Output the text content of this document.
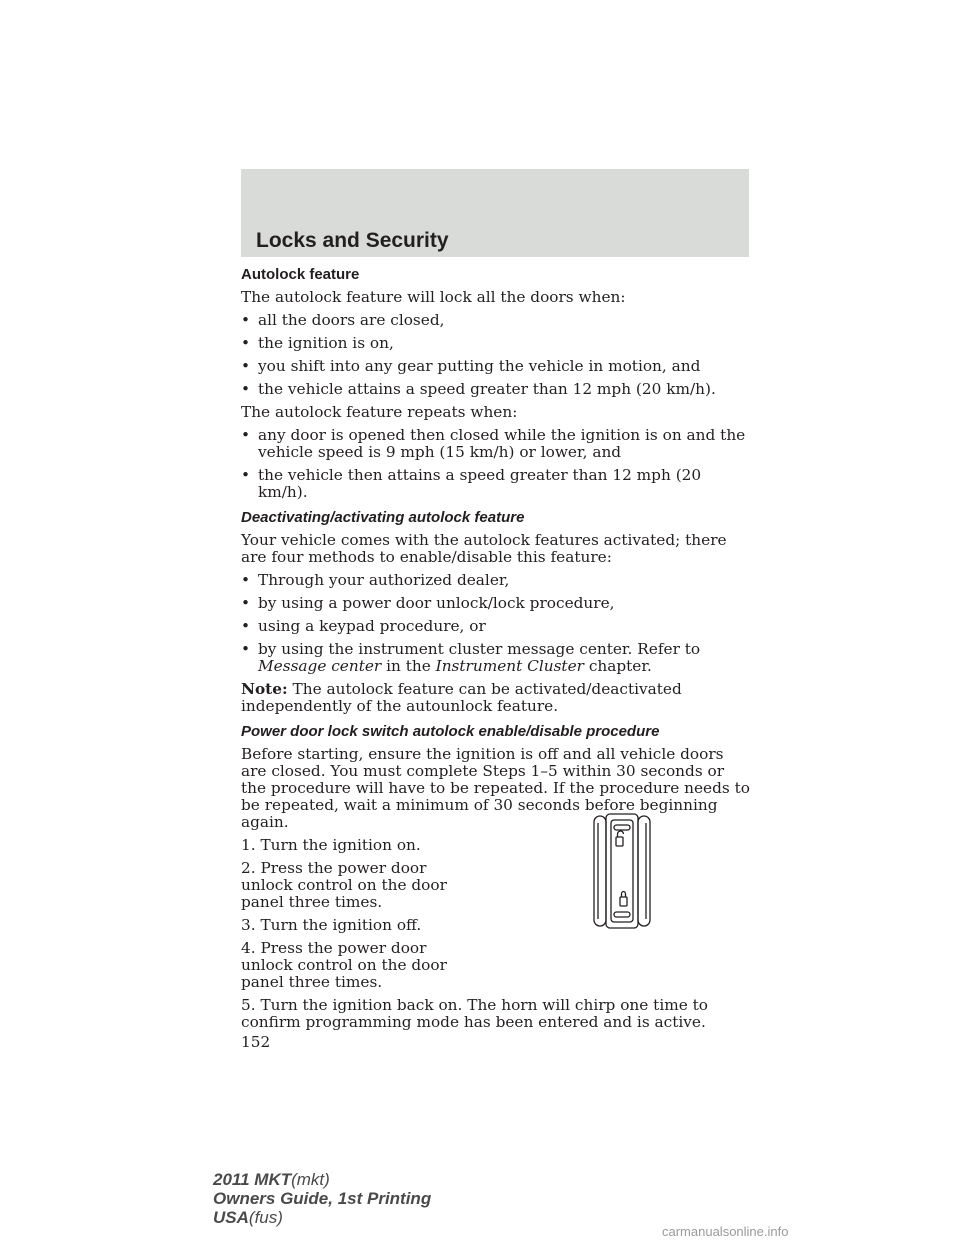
Locks and Security

Autolock feature

The autolock feature will lock all the doors when:

• all the doors are closed,

• the ignition is on,

• you shift into any gear putting the vehicle in motion, and

• the vehicle attains a speed greater than 12 mph (20 km/h).

The autolock feature repeats when:

• any door is opened then closed while the ignition is on and the vehicle speed is 9 mph (15 km/h) or lower, and

• the vehicle then attains a speed greater than 12 mph (20 km/h).

Deactivating/activating autolock feature

Your vehicle comes with the autolock features activated; there are four methods to enable/disable this feature:

• Through your authorized dealer,

• by using a power door unlock/lock procedure,

• using a keypad procedure, or

• by using the instrument cluster message center. Refer to Message center in the Instrument Cluster chapter.

Note: The autolock feature can be activated/deactivated independently of the autounlock feature.

Power door lock switch autolock enable/disable procedure

Before starting, ensure the ignition is off and all vehicle doors are closed. You must complete Steps 1–5 within 30 seconds or the procedure will have to be repeated. If the procedure needs to be repeated, wait a minimum of 30 seconds before beginning again.

1. Turn the ignition on.

2. Press the power door unlock control on the door panel three times.

3. Turn the ignition off.

4. Press the power door unlock control on the door panel three times.

5. Turn the ignition back on. The horn will chirp one time to confirm programming mode has been entered and is active.

152

2011 MKT(mkt)
Owners Guide, 1st Printing
USA(fus)
carmanualsonline.info
